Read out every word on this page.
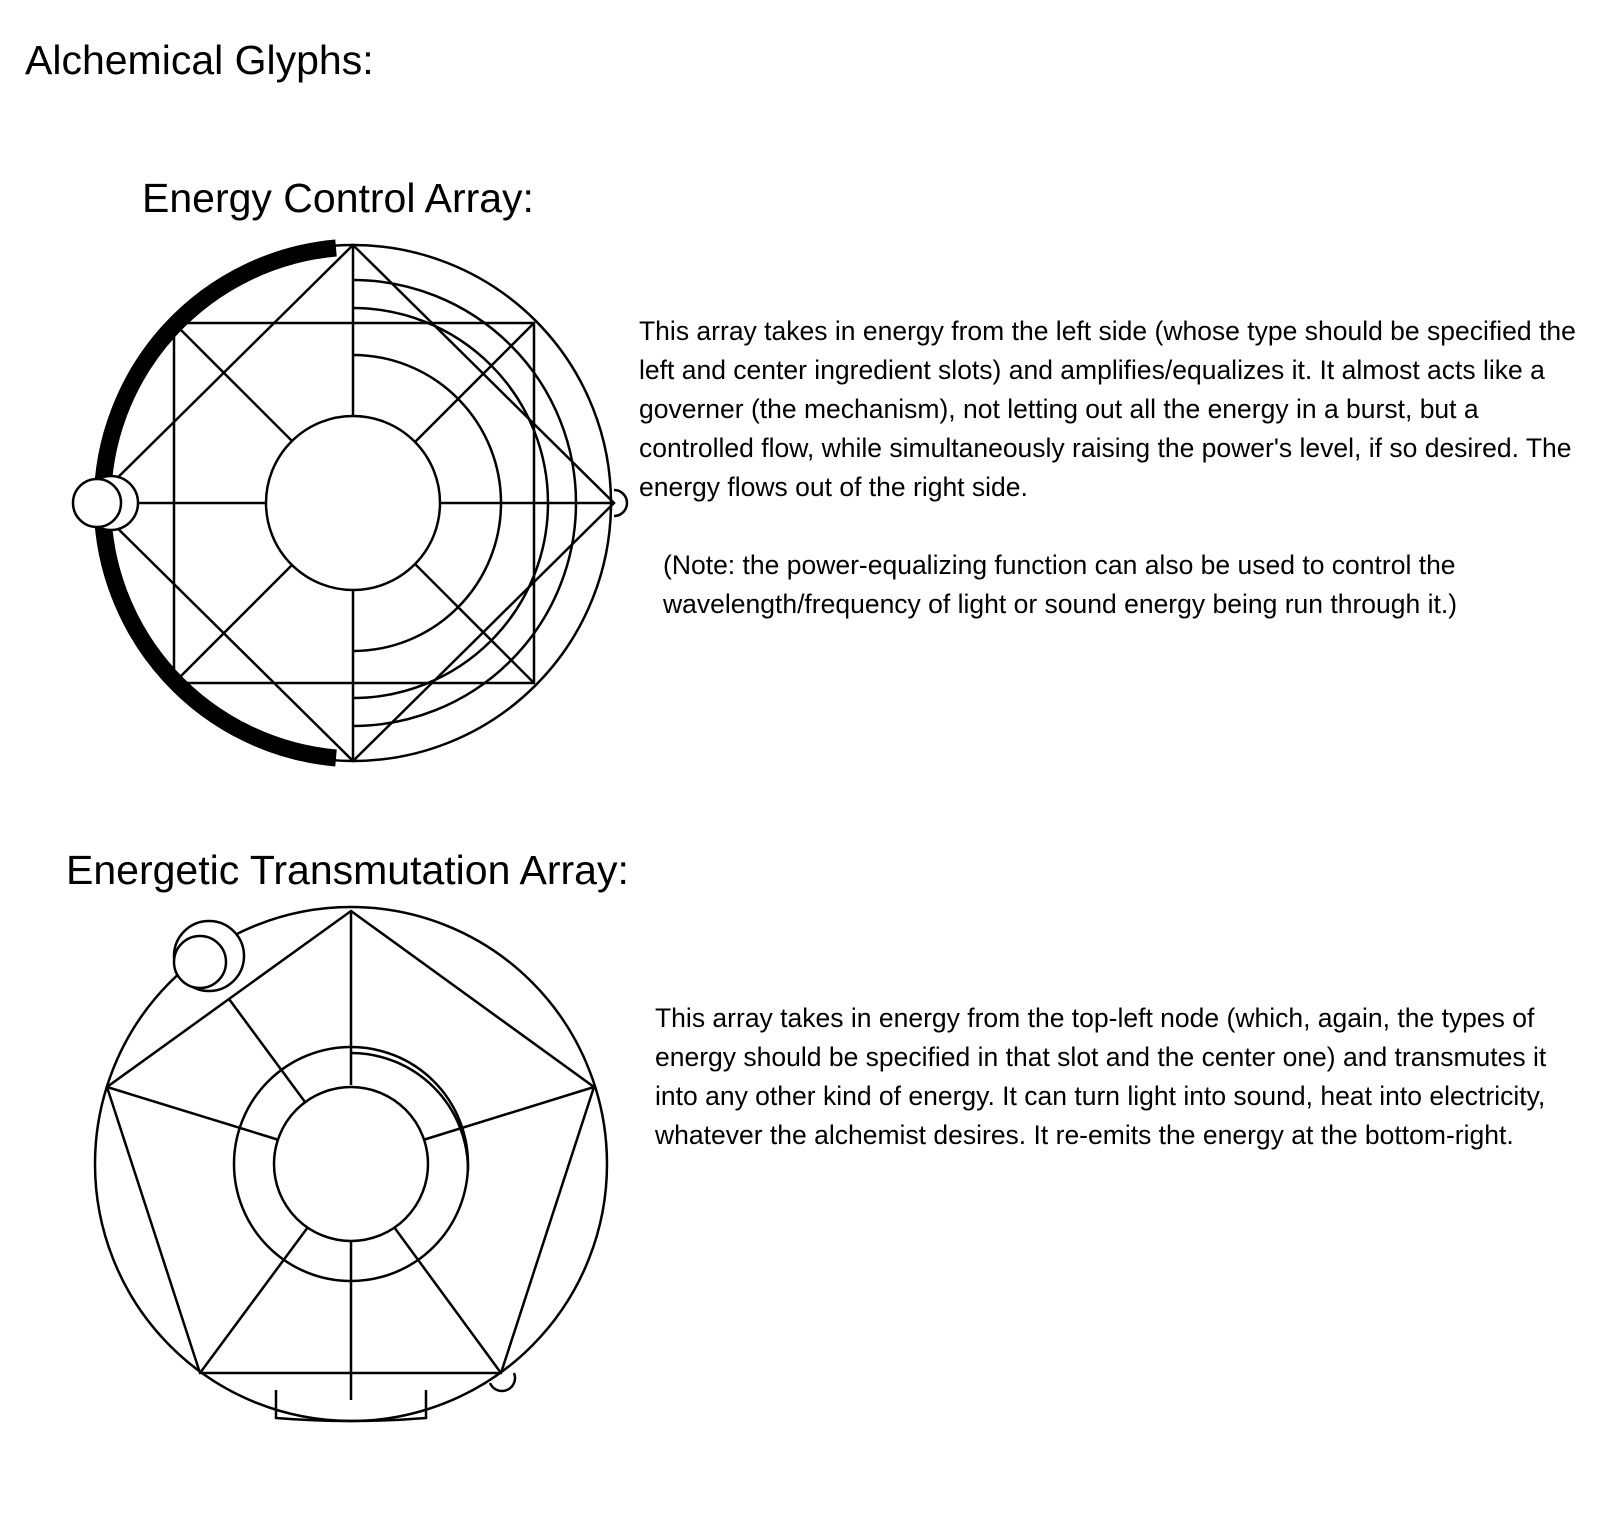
Alchemical Glyphs:
Energy Control Array:

This array takes in energy from the left side (whose type should be specified the left and center ingredient slots) and amplifies/equalizes it. It almost acts like a governer (the mechanism), not letting out all the energy in a burst, but a controlled flow, while simultaneously raising the power's level, if so desired. The energy flows out of the right side.

(Note: the power-equalizing function can also be used to control the wavelength/frequency of light or sound energy being run through it.)

Energetic Transmutation Array:

This array takes in energy from the top-left node (which, again, the types of energy should be specified in that slot and the center one) and transmutes it into any other kind of energy. It can turn light into sound, heat into electricity, whatever the alchemist desires. It re-emits the energy at the bottom-right.
